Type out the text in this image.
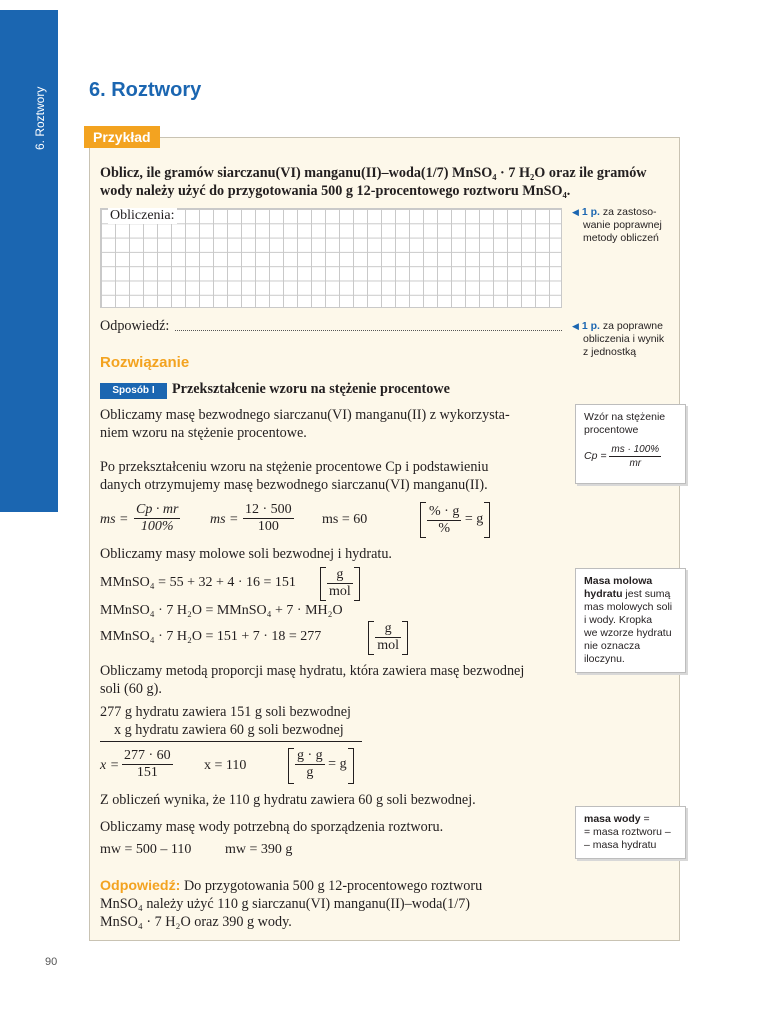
6. Roztwory 6. Roztwory
Przykład
Oblicz, ile gramów siarczanu(VI) manganu(II)–woda(1/7) MnSO₄ · 7 H₂O oraz ile gramów
wody należy użyć do przygotowania 500 g 12-procentowego roztworu MnSO₄.
Obliczenia:
Odpowiedź:
◀ 1 p. za zastoso-
wanie poprawnej
metody obliczeń
◀ 1 p. za poprawne
obliczenia i wynik
z jednostką
Wzór na stężenie
procentowe
$Cp = \frac{ms \cdot 100\%}{mr}$
Masa molowa
hydratu jest sumą
mas molowych soli
i wody. Kropka
we wzorze hydratu
nie oznacza
iloczynu.
masa wody =
= masa roztworu –
– masa hydratu
Rozwiązanie
Sposób I	Przekształcenie wzoru na stężenie procentowe
Obliczamy masę bezwodnego siarczanu(VI) manganu(II) z wykorzysta-
niem wzoru na stężenie procentowe.
Po przekształceniu wzoru na stężenie procentowe Cp i podstawieniu
danych otrzymujemy masę bezwodnego siarczanu(VI) manganu(II).
ms = $\frac{Cp \cdot mr}{100\%}$ ms = $\frac{12 \cdot 500}{100}$ ms = 60	$\frac{\% \cdot g}{\%} = g$
Obliczamy masy molowe soli bezwodnej i hydratu.
MMnSO₄ = $55 + 32 + 4 \cdot 16 = 151 \frac{g}{\text{mol}}$

MMnSO₄ · 7 H₂O = MMnSO₄ + 7 · MH₂O
MMnSO₄ · 7 H₂O = 151 + 7 · 18 = 277	$\frac{g}{\text{mol}}$
Obliczamy metodą proporcji masę hydratu, która zawiera masę bezwodnej
soli (60 g).
277 g hydratu zawiera 151 g soli bezwodnej
x g hydratu zawiera 60 g soli bezwodnej
$x = \frac{277 \cdot 60}{151}$ x = 110	$\frac{g \cdot g}{g} = g$
Z obliczeń wynika, że 110 g hydratu zawiera 60 g soli bezwodnej.
Obliczamy masę wody potrzebną do sporządzenia roztworu.
mw = 500 – 110 mw = 390 g
Odpowiedź: Do przygotowania 500 g 12-procentowego roztworu
MnSO₄ należy użyć 110 g siarczanu(VI) manganu(II)–woda(1/7)
MnSO₄ · 7 H₂O oraz 390 g wody.
90
